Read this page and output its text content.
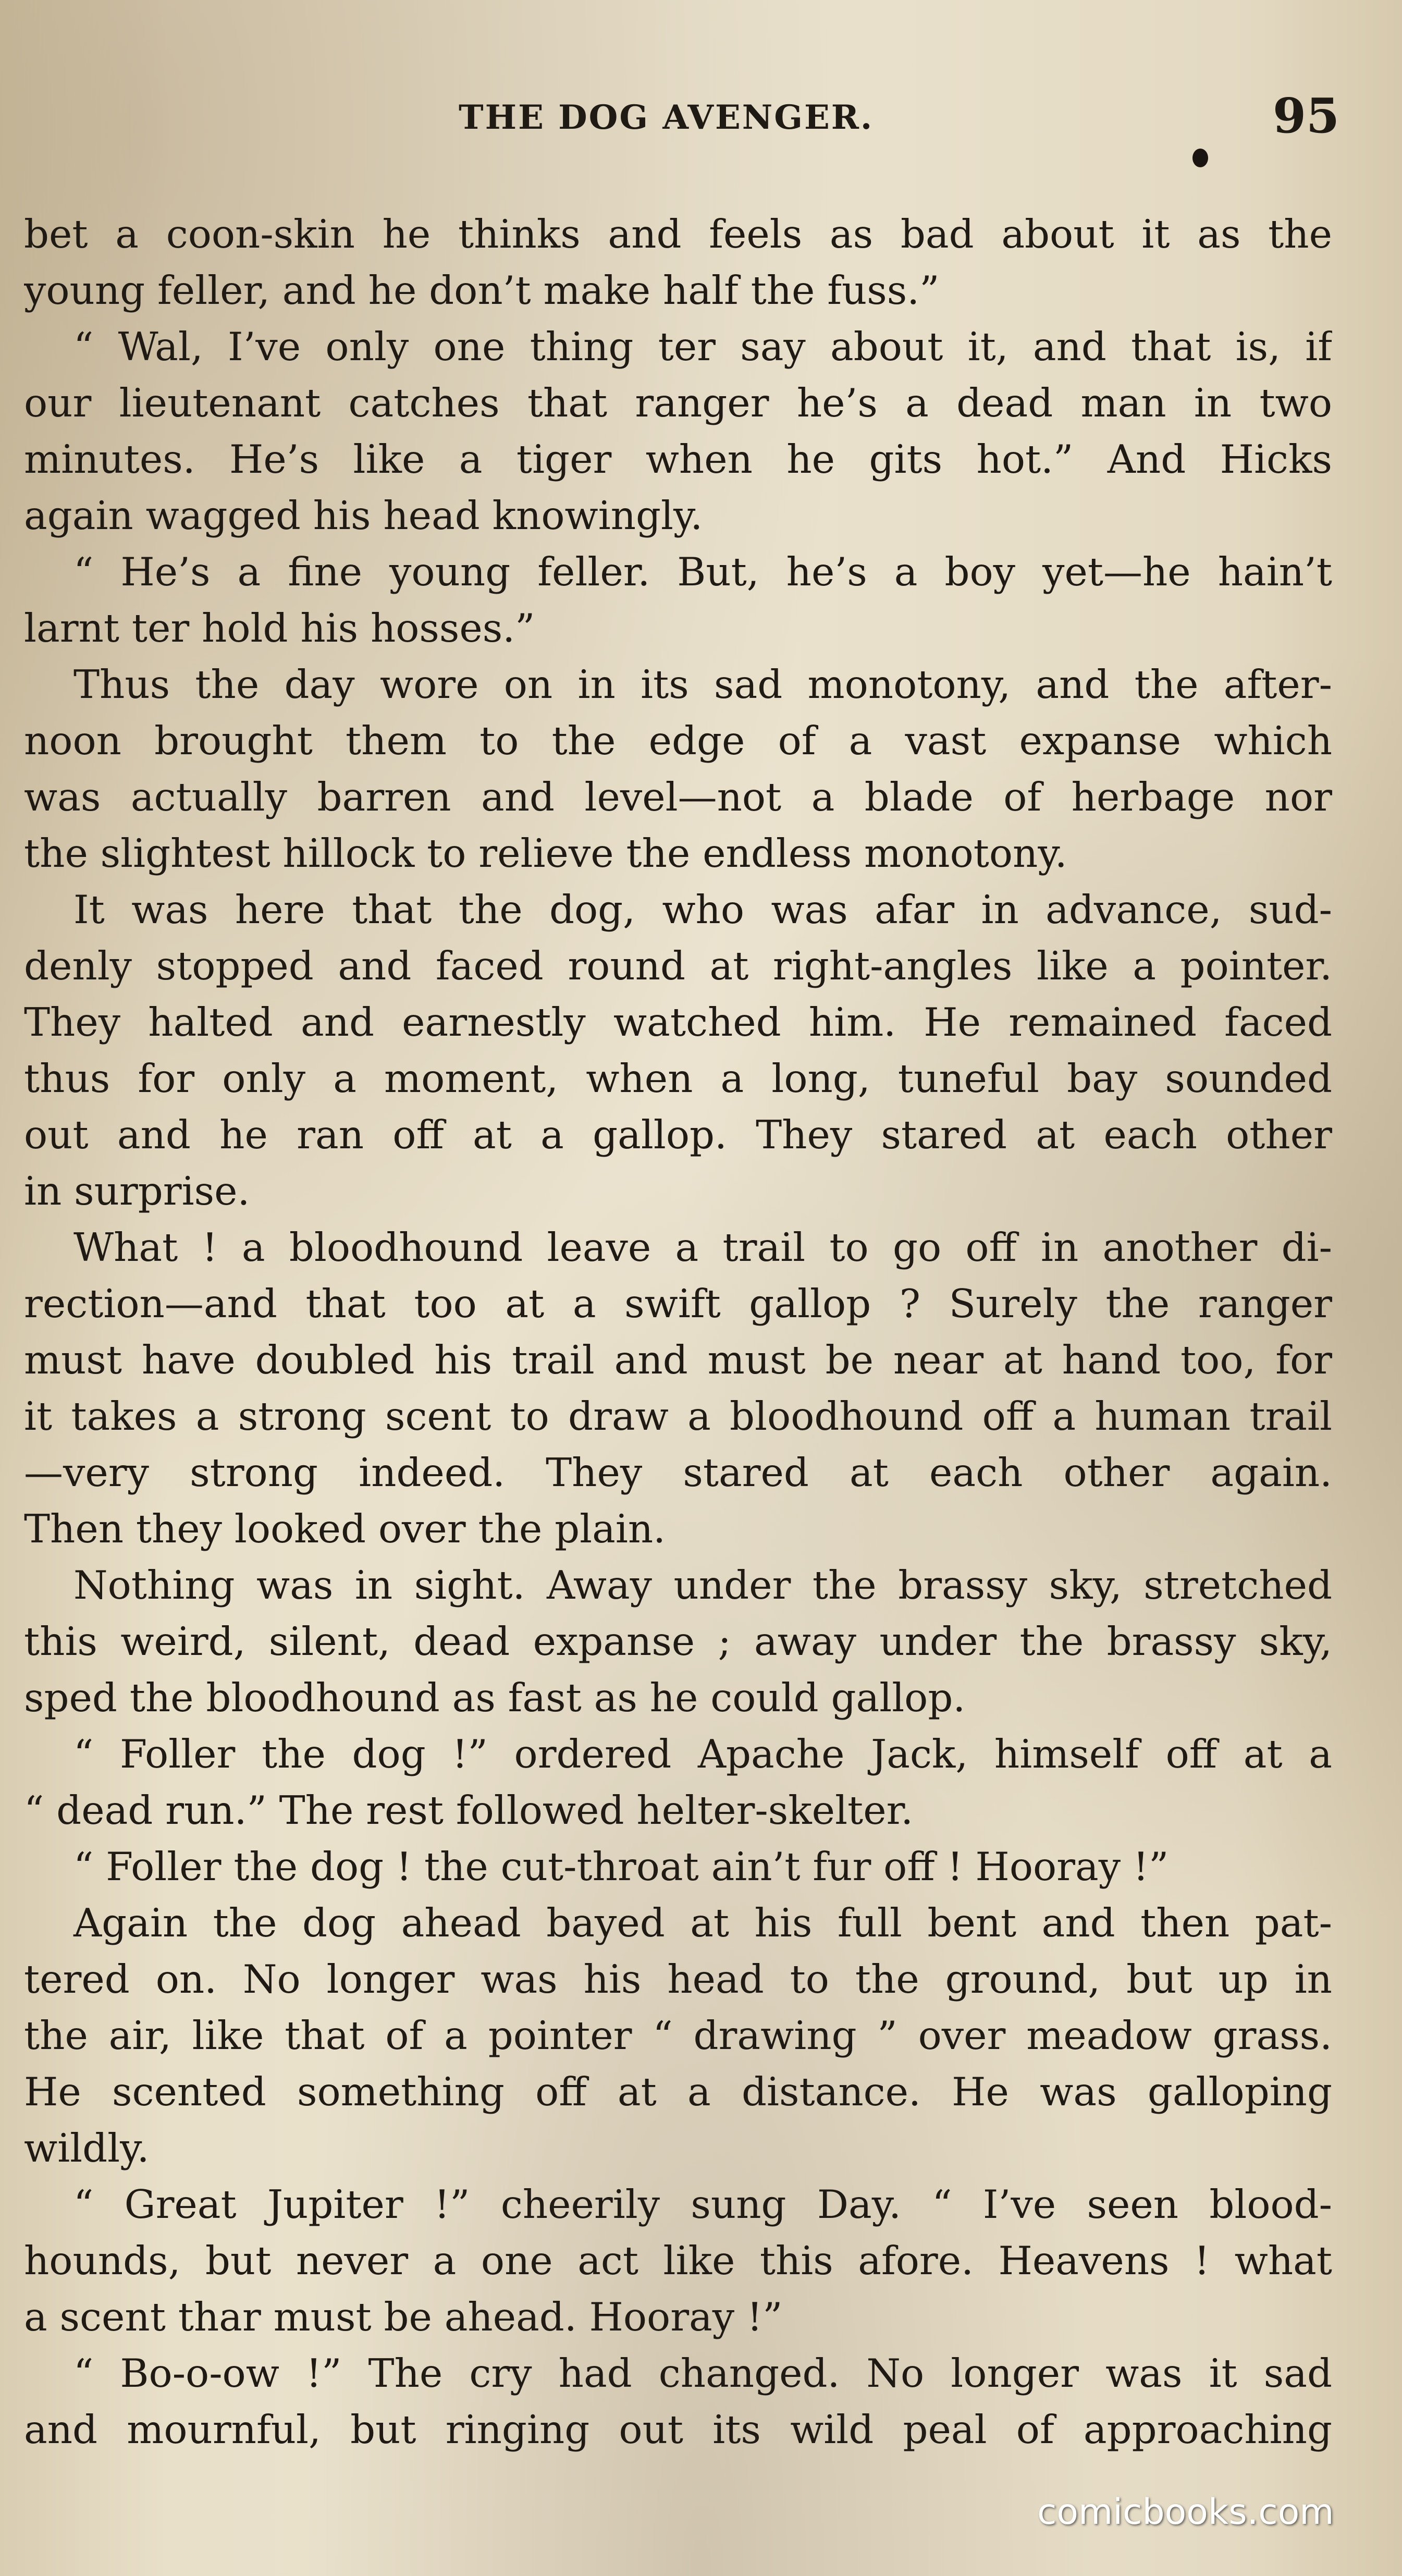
THE DOG AVENGER.	95
bet a coon-skin he thinks and feels as bad about it as the
young feller, and he don’t make half the fuss.”
“ Wal, I’ve only one thing ter say about it, and that is, if
our lieutenant catches that ranger he’s a dead man in two
minutes. He’s like a tiger when he gits hot.” And Hicks
again wagged his head knowingly.
“ He’s a fine young feller. But, he’s a boy yet—he hain’t
larnt ter hold his hosses.”
Thus the day wore on in its sad monotony, and the after-
noon brought them to the edge of a vast expanse which
was actually barren and level—not a blade of herbage nor
the slightest hillock to relieve the endless monotony.
It was here that the dog, who was afar in advance, sud-
denly stopped and faced round at right-angles like a pointer.
They halted and earnestly watched him. He remained faced
thus for only a moment, when a long, tuneful bay sounded
out and he ran off at a gallop. They stared at each other
in surprise.
What ! a bloodhound leave a trail to go off in another di-
rection—and that too at a swift gallop ? Surely the ranger
must have doubled his trail and must be near at hand too, for
it takes a strong scent to draw a bloodhound off a human trail
—very strong indeed. They stared at each other again.
Then they looked over the plain.
Nothing was in sight. Away under the brassy sky, stretched
this weird, silent, dead expanse ; away under the brassy sky,
sped the bloodhound as fast as he could gallop.
“ Foller the dog !” ordered Apache Jack, himself off at a
“ dead run.” The rest followed helter-skelter.
“ Foller the dog ! the cut-throat ain’t fur off ! Hooray !”
Again the dog ahead bayed at his full bent and then pat-
tered on. No longer was his head to the ground, but up in
the air, like that of a pointer “ drawing ” over meadow grass.
He scented something off at a distance. He was galloping
wildly.
“ Great Jupiter !” cheerily sung Day. “ I’ve seen blood-
hounds, but never a one act like this afore. Heavens ! what
a scent thar must be ahead. Hooray !”
“ Bo-o-ow !” The cry had changed. No longer was it sad
and mournful, but ringing out its wild peal of approaching
comicbooks.com
